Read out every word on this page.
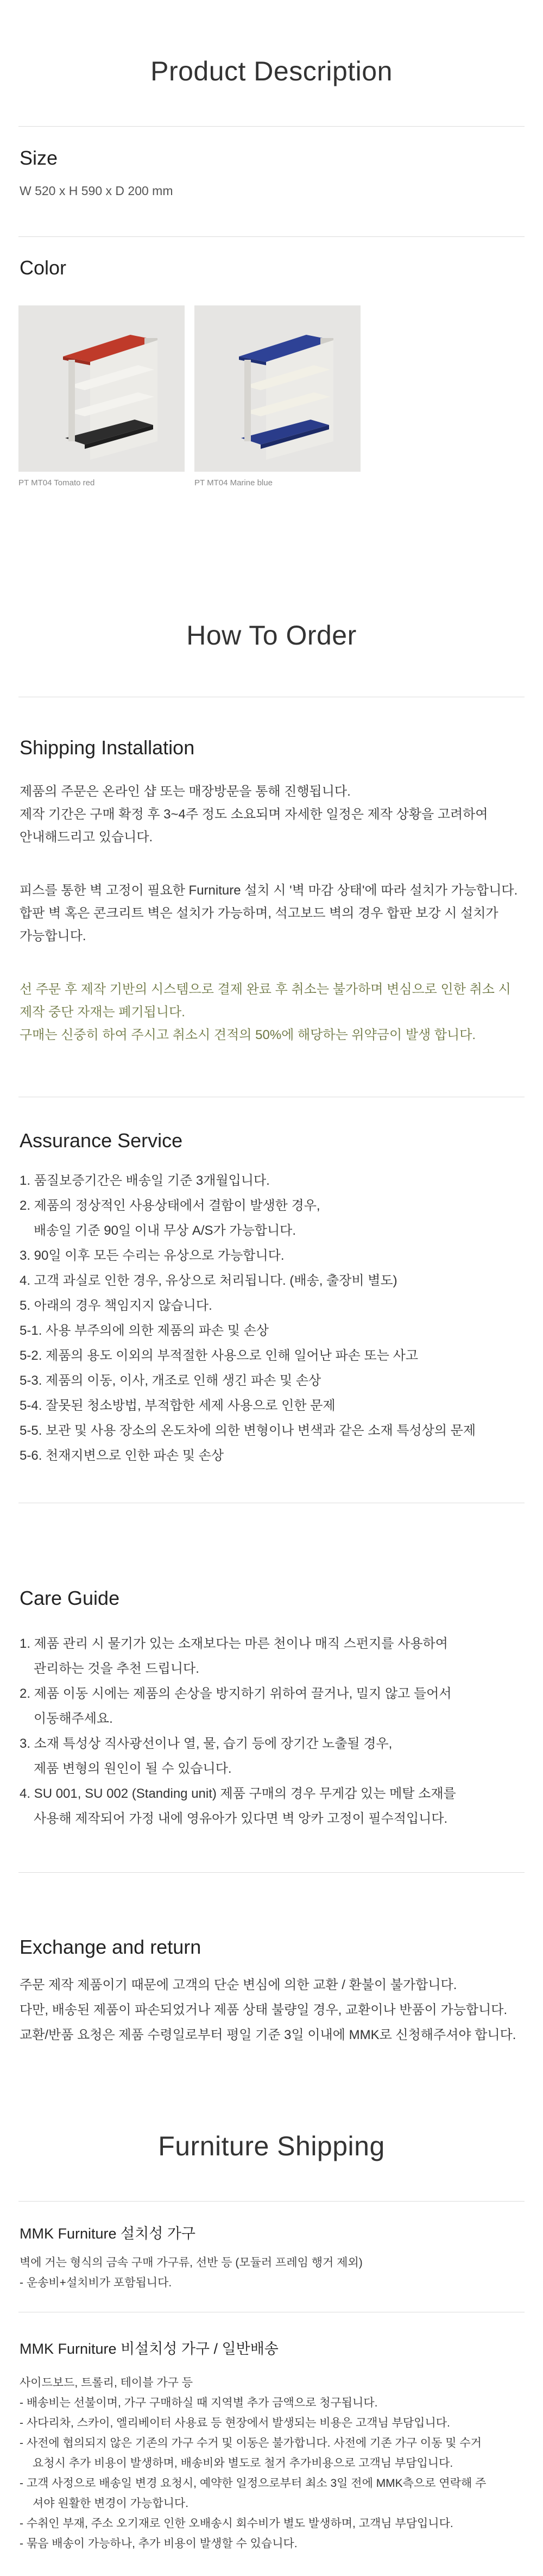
Product Description
Size
W 520 x H 590 x D 200 mm
Color
PT MT04 Tomato red	PT MT04 Marine blue
How To Order
Shipping Installation
제품의 주문은 온라인 샵 또는 매장방문을 통해 진행됩니다.
제작 기간은 구매 확정 후 3~4주 정도 소요되며 자세한 일정은 제작 상황을 고려하여
안내해드리고 있습니다.
피스를 통한 벽 고정이 필요한 Furniture 설치 시 '벽 마감 상태'에 따라 설치가 가능합니다.
합판 벽 혹은 콘크리트 벽은 설치가 가능하며, 석고보드 벽의 경우 합판 보강 시 설치가
가능합니다.
선 주문 후 제작 기반의 시스템으로 결제 완료 후 취소는 불가하며 변심으로 인한 취소 시
제작 중단 자재는 폐기됩니다.
구매는 신중히 하여 주시고 취소시 견적의 50%에 해당하는 위약금이 발생 합니다.
Assurance Service
1. 품질보증기간은 배송일 기준 3개월입니다.
2. 제품의 정상적인 사용상태에서 결함이 발생한 경우,
배송일 기준 90일 이내 무상 A/S가 가능합니다.
3. 90일 이후 모든 수리는 유상으로 가능합니다.
4. 고객 과실로 인한 경우, 유상으로 처리됩니다. (배송, 출장비 별도)
5. 아래의 경우 책임지지 않습니다.
5-1. 사용 부주의에 의한 제품의 파손 및 손상
5-2. 제품의 용도 이외의 부적절한 사용으로 인해 일어난 파손 또는 사고
5-3. 제품의 이동, 이사, 개조로 인해 생긴 파손 및 손상
5-4. 잘못된 청소방법, 부적합한 세제 사용으로 인한 문제
5-5. 보관 및 사용 장소의 온도차에 의한 변형이나 변색과 같은 소재 특성상의 문제
5-6. 천재지변으로 인한 파손 및 손상
Care Guide
1. 제품 관리 시 물기가 있는 소재보다는 마른 천이나 매직 스펀지를 사용하여
관리하는 것을 추천 드립니다.
2. 제품 이동 시에는 제품의 손상을 방지하기 위하여 끌거나, 밀지 않고 들어서
이동해주세요.
3. 소재 특성상 직사광선이나 열, 물, 습기 등에 장기간 노출될 경우,
제품 변형의 원인이 될 수 있습니다.
4. SU 001, SU 002 (Standing unit) 제품 구매의 경우 무게감 있는 메탈 소재를
사용해 제작되어 가정 내에 영유아가 있다면 벽 앙카 고정이 필수적입니다.
Exchange and return
주문 제작 제품이기 때문에 고객의 단순 변심에 의한 교환 / 환불이 불가합니다.
다만, 배송된 제품이 파손되었거나 제품 상태 불량일 경우, 교환이나 반품이 가능합니다.
교환/반품 요청은 제품 수령일로부터 평일 기준 3일 이내에 MMK로 신청해주셔야 합니다.
Furniture Shipping
MMK Furniture 설치성 가구
벽에 거는 형식의 금속 구매 가구류, 선반 등 (모듈러 프레임 행거 제외)
- 운송비+설치비가 포함됩니다.
MMK Furniture 비설치성 가구 / 일반배송
사이드보드, 트롤리, 테이블 가구 등
- 배송비는 선불이며, 가구 구매하실 때 지역별 추가 금액으로 청구됩니다.
- 사다리차, 스카이, 엘리베이터 사용료 등 현장에서 발생되는 비용은 고객님 부담입니다.
- 사전에 협의되지 않은 기존의 가구 수거 및 이동은 불가합니다. 사전에 기존 가구 이동 및 수거
요청시 추가 비용이 발생하며, 배송비와 별도로 철거 추가비용으로 고객님 부담입니다.
- 고객 사정으로 배송일 변경 요청시, 예약한 일정으로부터 최소 3일 전에 MMK측으로 연락해 주
셔야 원활한 변경이 가능합니다.
- 수취인 부재, 주소 오기재로 인한 오배송시 회수비가 별도 발생하며, 고객님 부담입니다.
- 묶음 배송이 가능하나, 추가 비용이 발생할 수 있습니다.
